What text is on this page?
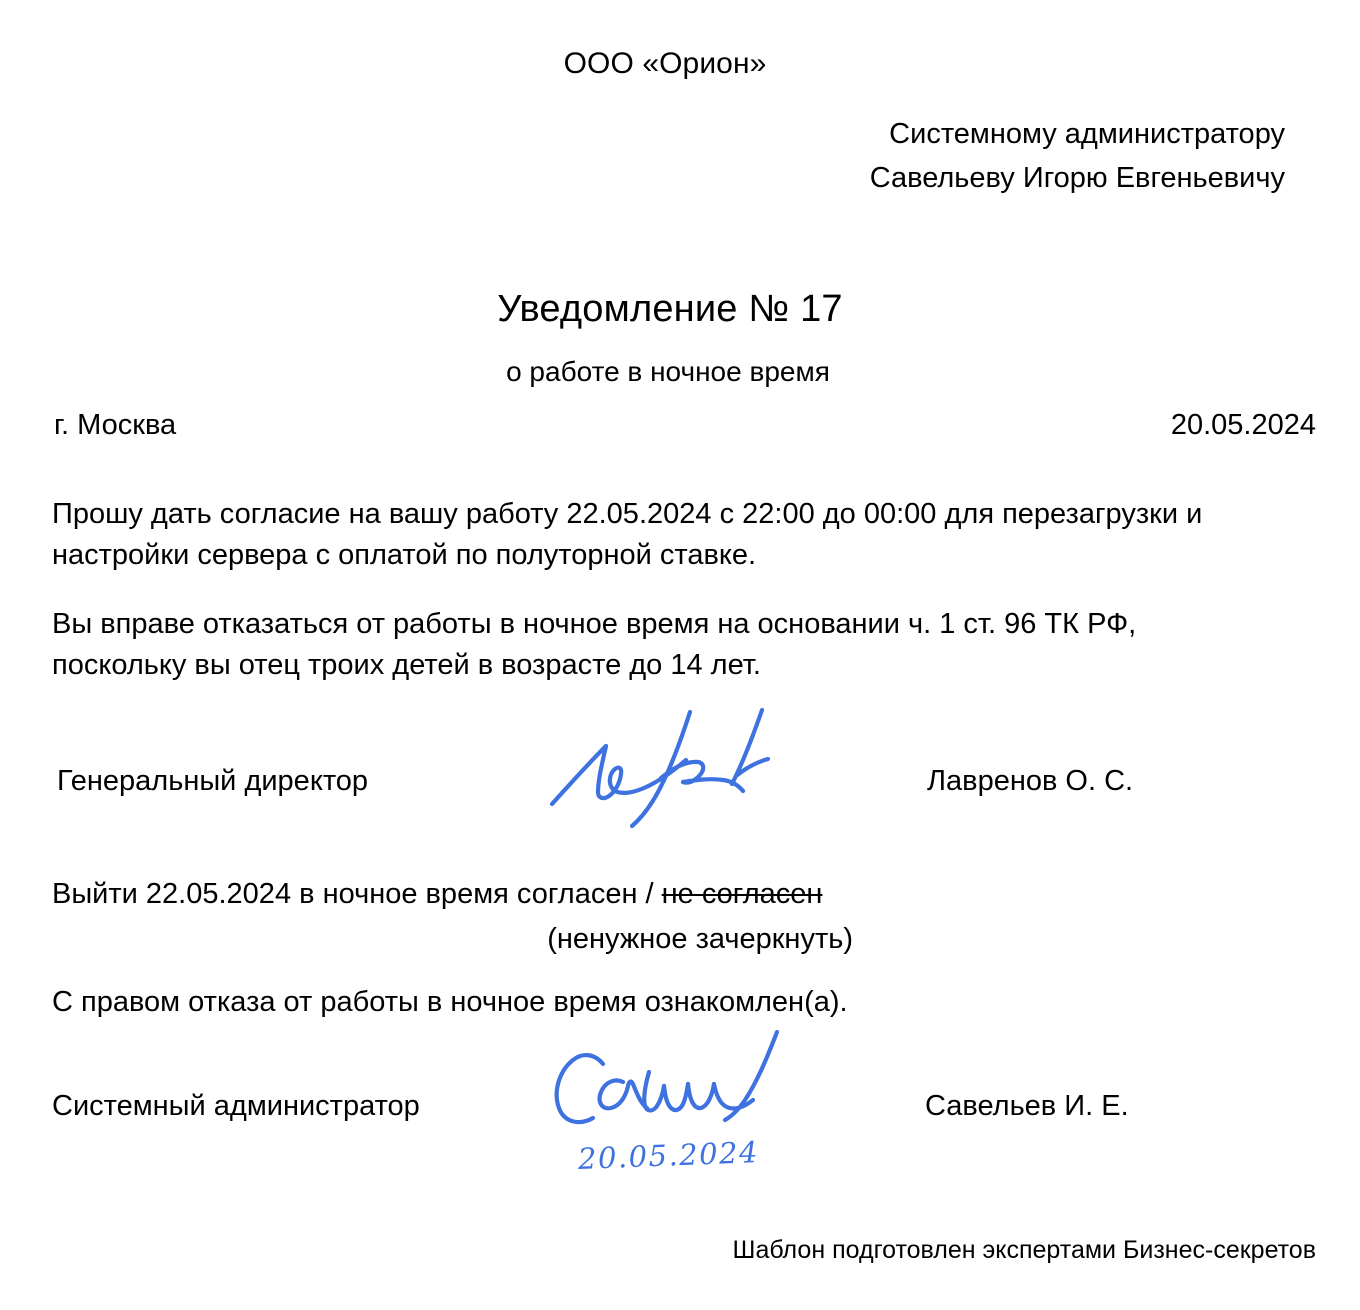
ООО «Орион»
Системному администратору
Савельеву Игорю Евгеньевичу
Уведомление № 17
о работе в ночное время
г. Москва	20.05.2024
Прошу дать согласие на вашу работу 22.05.2024 с 22:00 до 00:00 для перезагрузки и настройки сервера с оплатой по полуторной ставке.
Вы вправе отказаться от работы в ночное время на основании ч. 1 ст. 96 ТК РФ, поскольку вы отец троих детей в возрасте до 14 лет.
Генеральный директор	Лавренов О. С.
Выйти 22.05.2024 в ночное время согласен / не согласен
(ненужное зачеркнуть)
С правом отказа от работы в ночное время ознакомлен(а).
Системный администратор
20.05.2024
Савельев И. Е.
Шаблон подготовлен экспертами Бизнес-секретов
